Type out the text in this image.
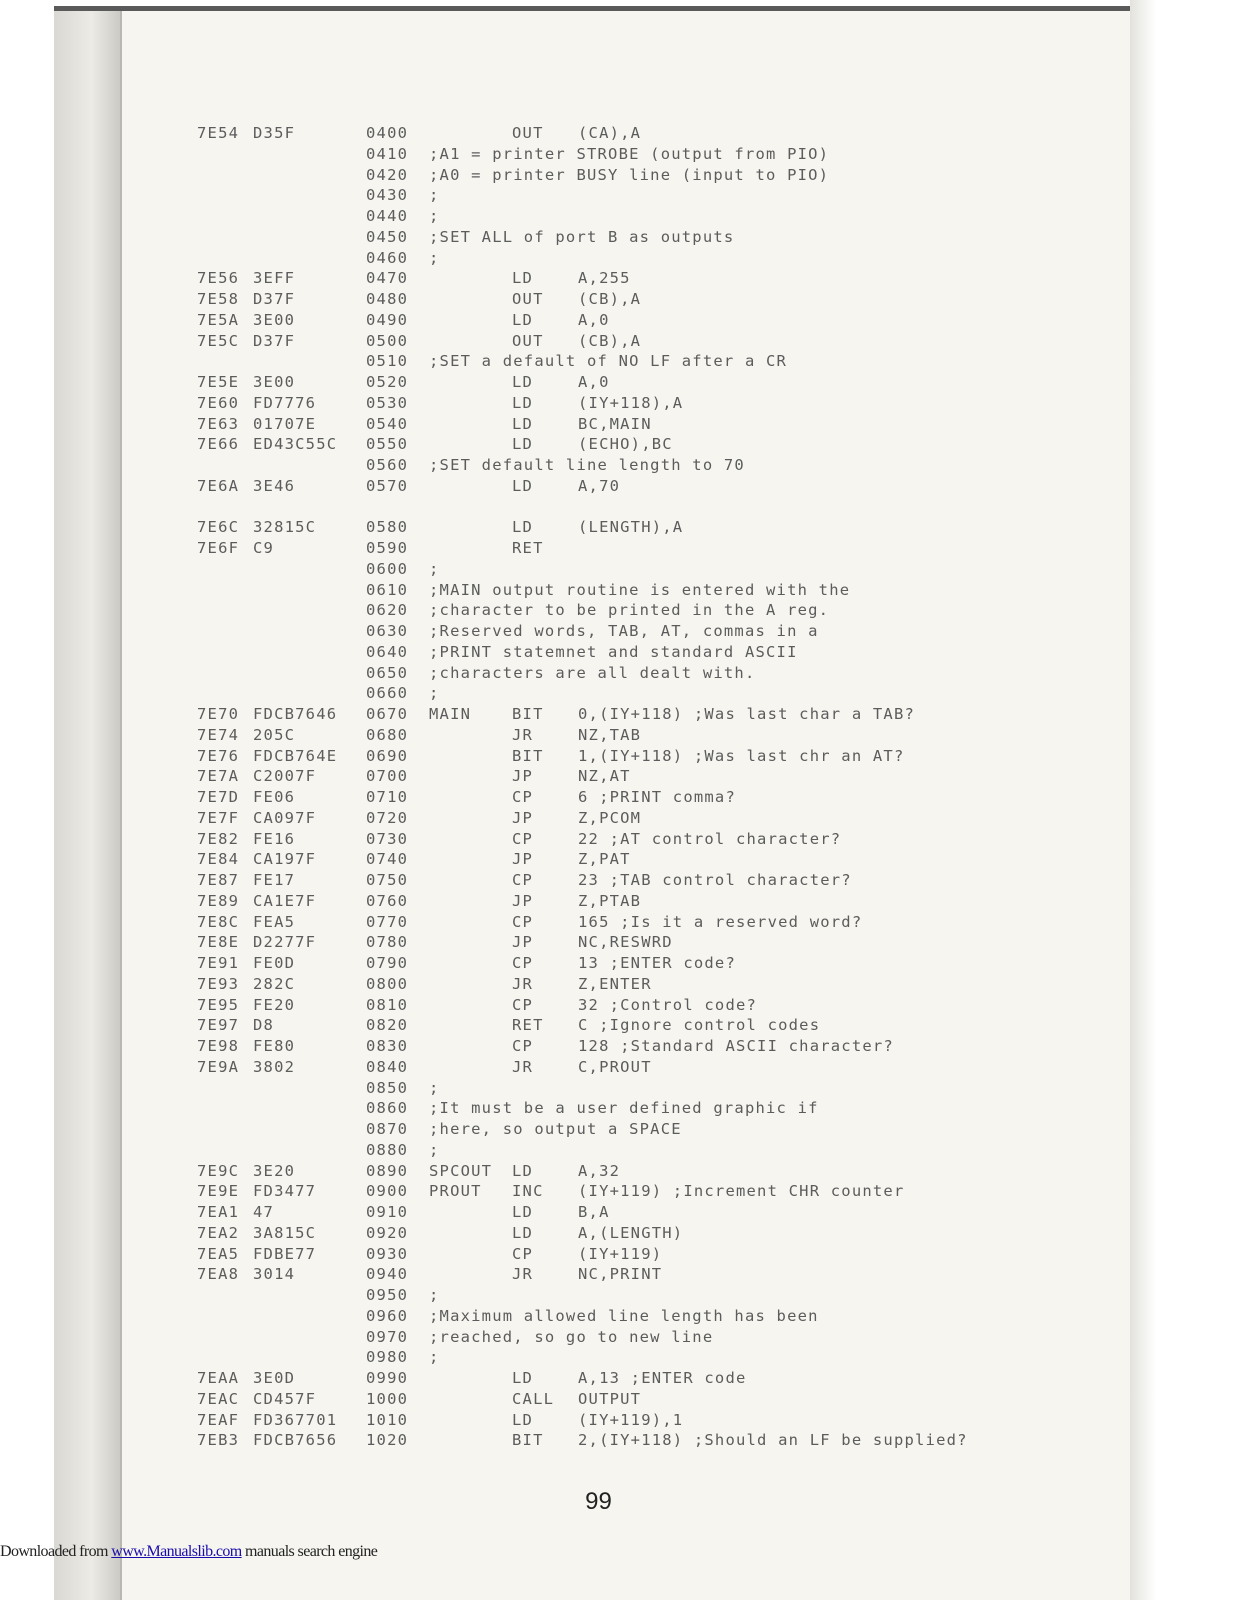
7E54 D35F	0400	OUT (CA),A
0410 ;A1 = printer STROBE (output from PIO)
0420 ;A0 = printer BUSY line (input to PIO)
0430 ;
0440 ;
0450 ;SET ALL of port B as outputs
0460 ;
7E56 3EFF	0470	LD	A,255
7E58 D37F	0480	OUT (CB),A
7E5A 3E00	0490	LD	A,0
7E5C D37F	0500	OUT (CB),A
0510 ;SET a default of NO LF after a CR
7E5E 3E00	0520	LD	A,0
7E60 FD7776	0530	LD	(IY+118),A
7E63 01707E	0540	LD	BC,MAIN
7E66 ED43C55C 0550	LD	(ECHO),BC
0560 ;SET default line length to 70
7E6A 3E46	0570	LD	A,70
7E6C 32815C	0580	LD	(LENGTH),A
7E6F C9	0590	RET
0600 ;
0610 ;MAIN output routine is entered with the
0620 ;character to be printed in the A reg.
0630 ;Reserved words, TAB, AT, commas in a
0640 ;PRINT statemnet and standard ASCII
0650 ;characters are all dealt with.
0660 ;
7E70 FDCB7646 0670 MAIN	BIT 0,(IY+118) ;Was last char a TAB?
7E74 205C	0680	JR	NZ,TAB
7E76 FDCB764E 0690	BIT 1,(IY+118) ;Was last chr an AT?
7E7A C2007F	0700	JP	NZ,AT
7E7D FE06	0710	CP	6 ;PRINT comma?
7E7F CA097F	0720	JP	Z,PCOM
7E82 FE16	0730	CP	22 ;AT control character?
7E84 CA197F	0740	JP	Z,PAT
7E87 FE17	0750	CP	23 ;TAB control character?
7E89 CA1E7F	0760	JP	Z,PTAB
7E8C FEA5	0770	CP	165 ;Is it a reserved word?
7E8E D2277F	0780	JP	NC,RESWRD
7E91 FE0D	0790	CP	13 ;ENTER code?
7E93 282C	0800	JR	Z,ENTER
7E95 FE20	0810	CP	32 ;Control code?
7E97 D8	0820	RET C ;Ignore control codes
7E98 FE80	0830	CP	128 ;Standard ASCII character?
7E9A 3802	0840	JR	C,PROUT
0850 ;
0860 ;It must be a user defined graphic if
0870 ;here, so output a SPACE
0880 ;
7E9C 3E20	0890 SPCOUT LD	A,32
7E9E FD3477	0900 PROUT INC (IY+119) ;Increment CHR counter
7EA1 47	0910	LD	B,A
7EA2 3A815C	0920	LD	A,(LENGTH)
7EA5 FDBE77	0930	CP	(IY+119)
7EA8 3014	0940	JR	NC,PRINT
0950 ;
0960 ;Maximum allowed line length has been
0970 ;reached, so go to new line
0980 ;
7EAA 3E0D	0990	LD	A,13 ;ENTER code
7EAC CD457F	1000	CALL OUTPUT
7EAF FD367701 1010	LD	(IY+119),1
7EB3 FDCB7656 1020	BIT 2,(IY+118) ;Should an LF be supplied?
99
Downloaded from www.Manualslib.com manuals search engine
